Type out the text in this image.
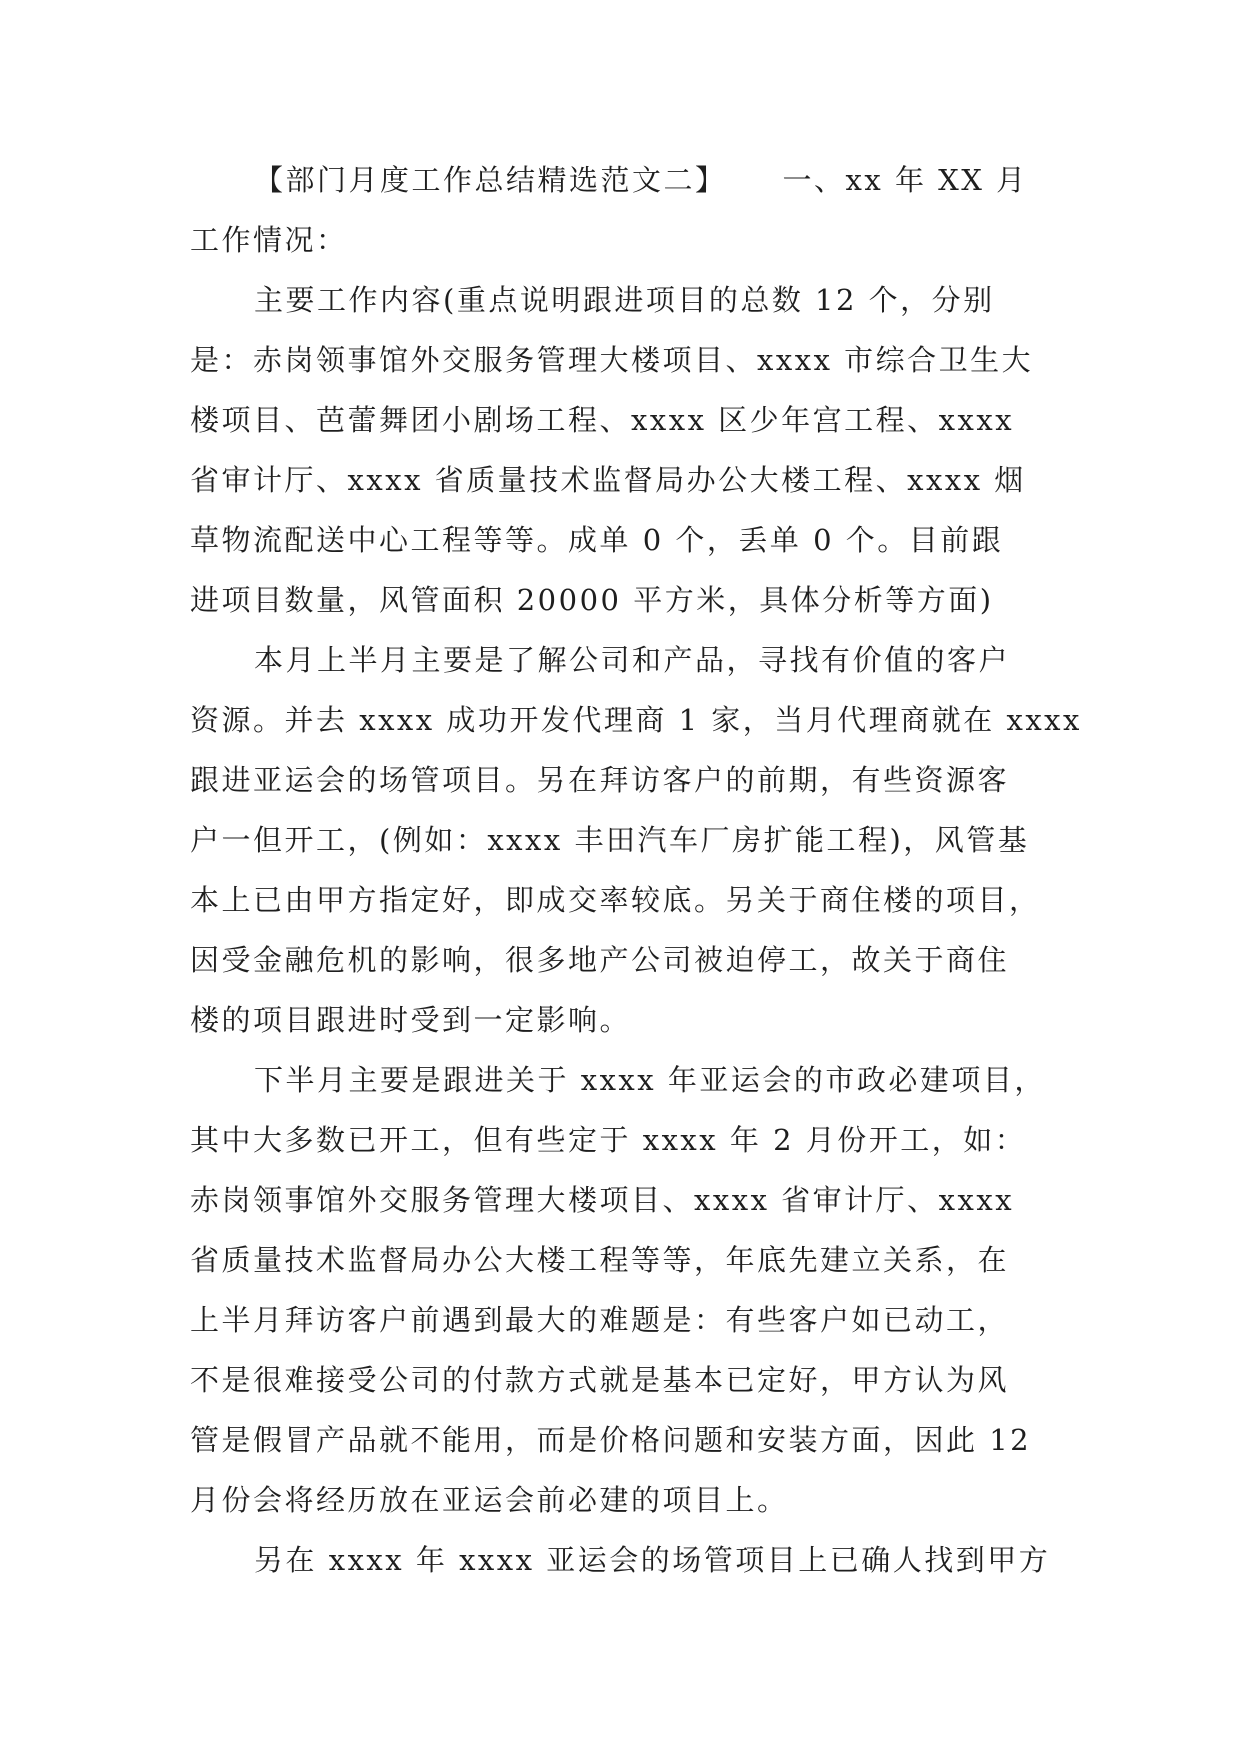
【部门月度工作总结精选范文二】 一、xx 年 XX 月
工作情况：

主要工作内容(重点说明跟进项目的总数 12 个，分别
是：赤岗领事馆外交服务管理大楼项目、xxxx 市综合卫生大
楼项目、芭蕾舞团小剧场工程、xxxx 区少年宫工程、xxxx
省审计厅、xxxx 省质量技术监督局办公大楼工程、xxxx 烟
草物流配送中心工程等等。成单 0 个，丢单 0 个。目前跟
进项目数量，风管面积 20000 平方米，具体分析等方面)

本月上半月主要是了解公司和产品，寻找有价值的客户
资源。并去 xxxx 成功开发代理商 1 家，当月代理商就在 xxxx
跟进亚运会的场管项目。另在拜访客户的前期，有些资源客
户一但开工，(例如：xxxx 丰田汽车厂房扩能工程)，风管基
本上已由甲方指定好，即成交率较底。另关于商住楼的项目，
因受金融危机的影响，很多地产公司被迫停工，故关于商住
楼的项目跟进时受到一定影响。

下半月主要是跟进关于 xxxx 年亚运会的市政必建项目，
其中大多数已开工，但有些定于 xxxx 年 2 月份开工，如：
赤岗领事馆外交服务管理大楼项目、xxxx 省审计厅、xxxx
省质量技术监督局办公大楼工程等等，年底先建立关系，在
上半月拜访客户前遇到最大的难题是：有些客户如已动工，
不是很难接受公司的付款方式就是基本已定好，甲方认为风
管是假冒产品就不能用，而是价格问题和安装方面，因此 12
月份会将经历放在亚运会前必建的项目上。

另在 xxxx 年 xxxx 亚运会的场管项目上已确人找到甲方
